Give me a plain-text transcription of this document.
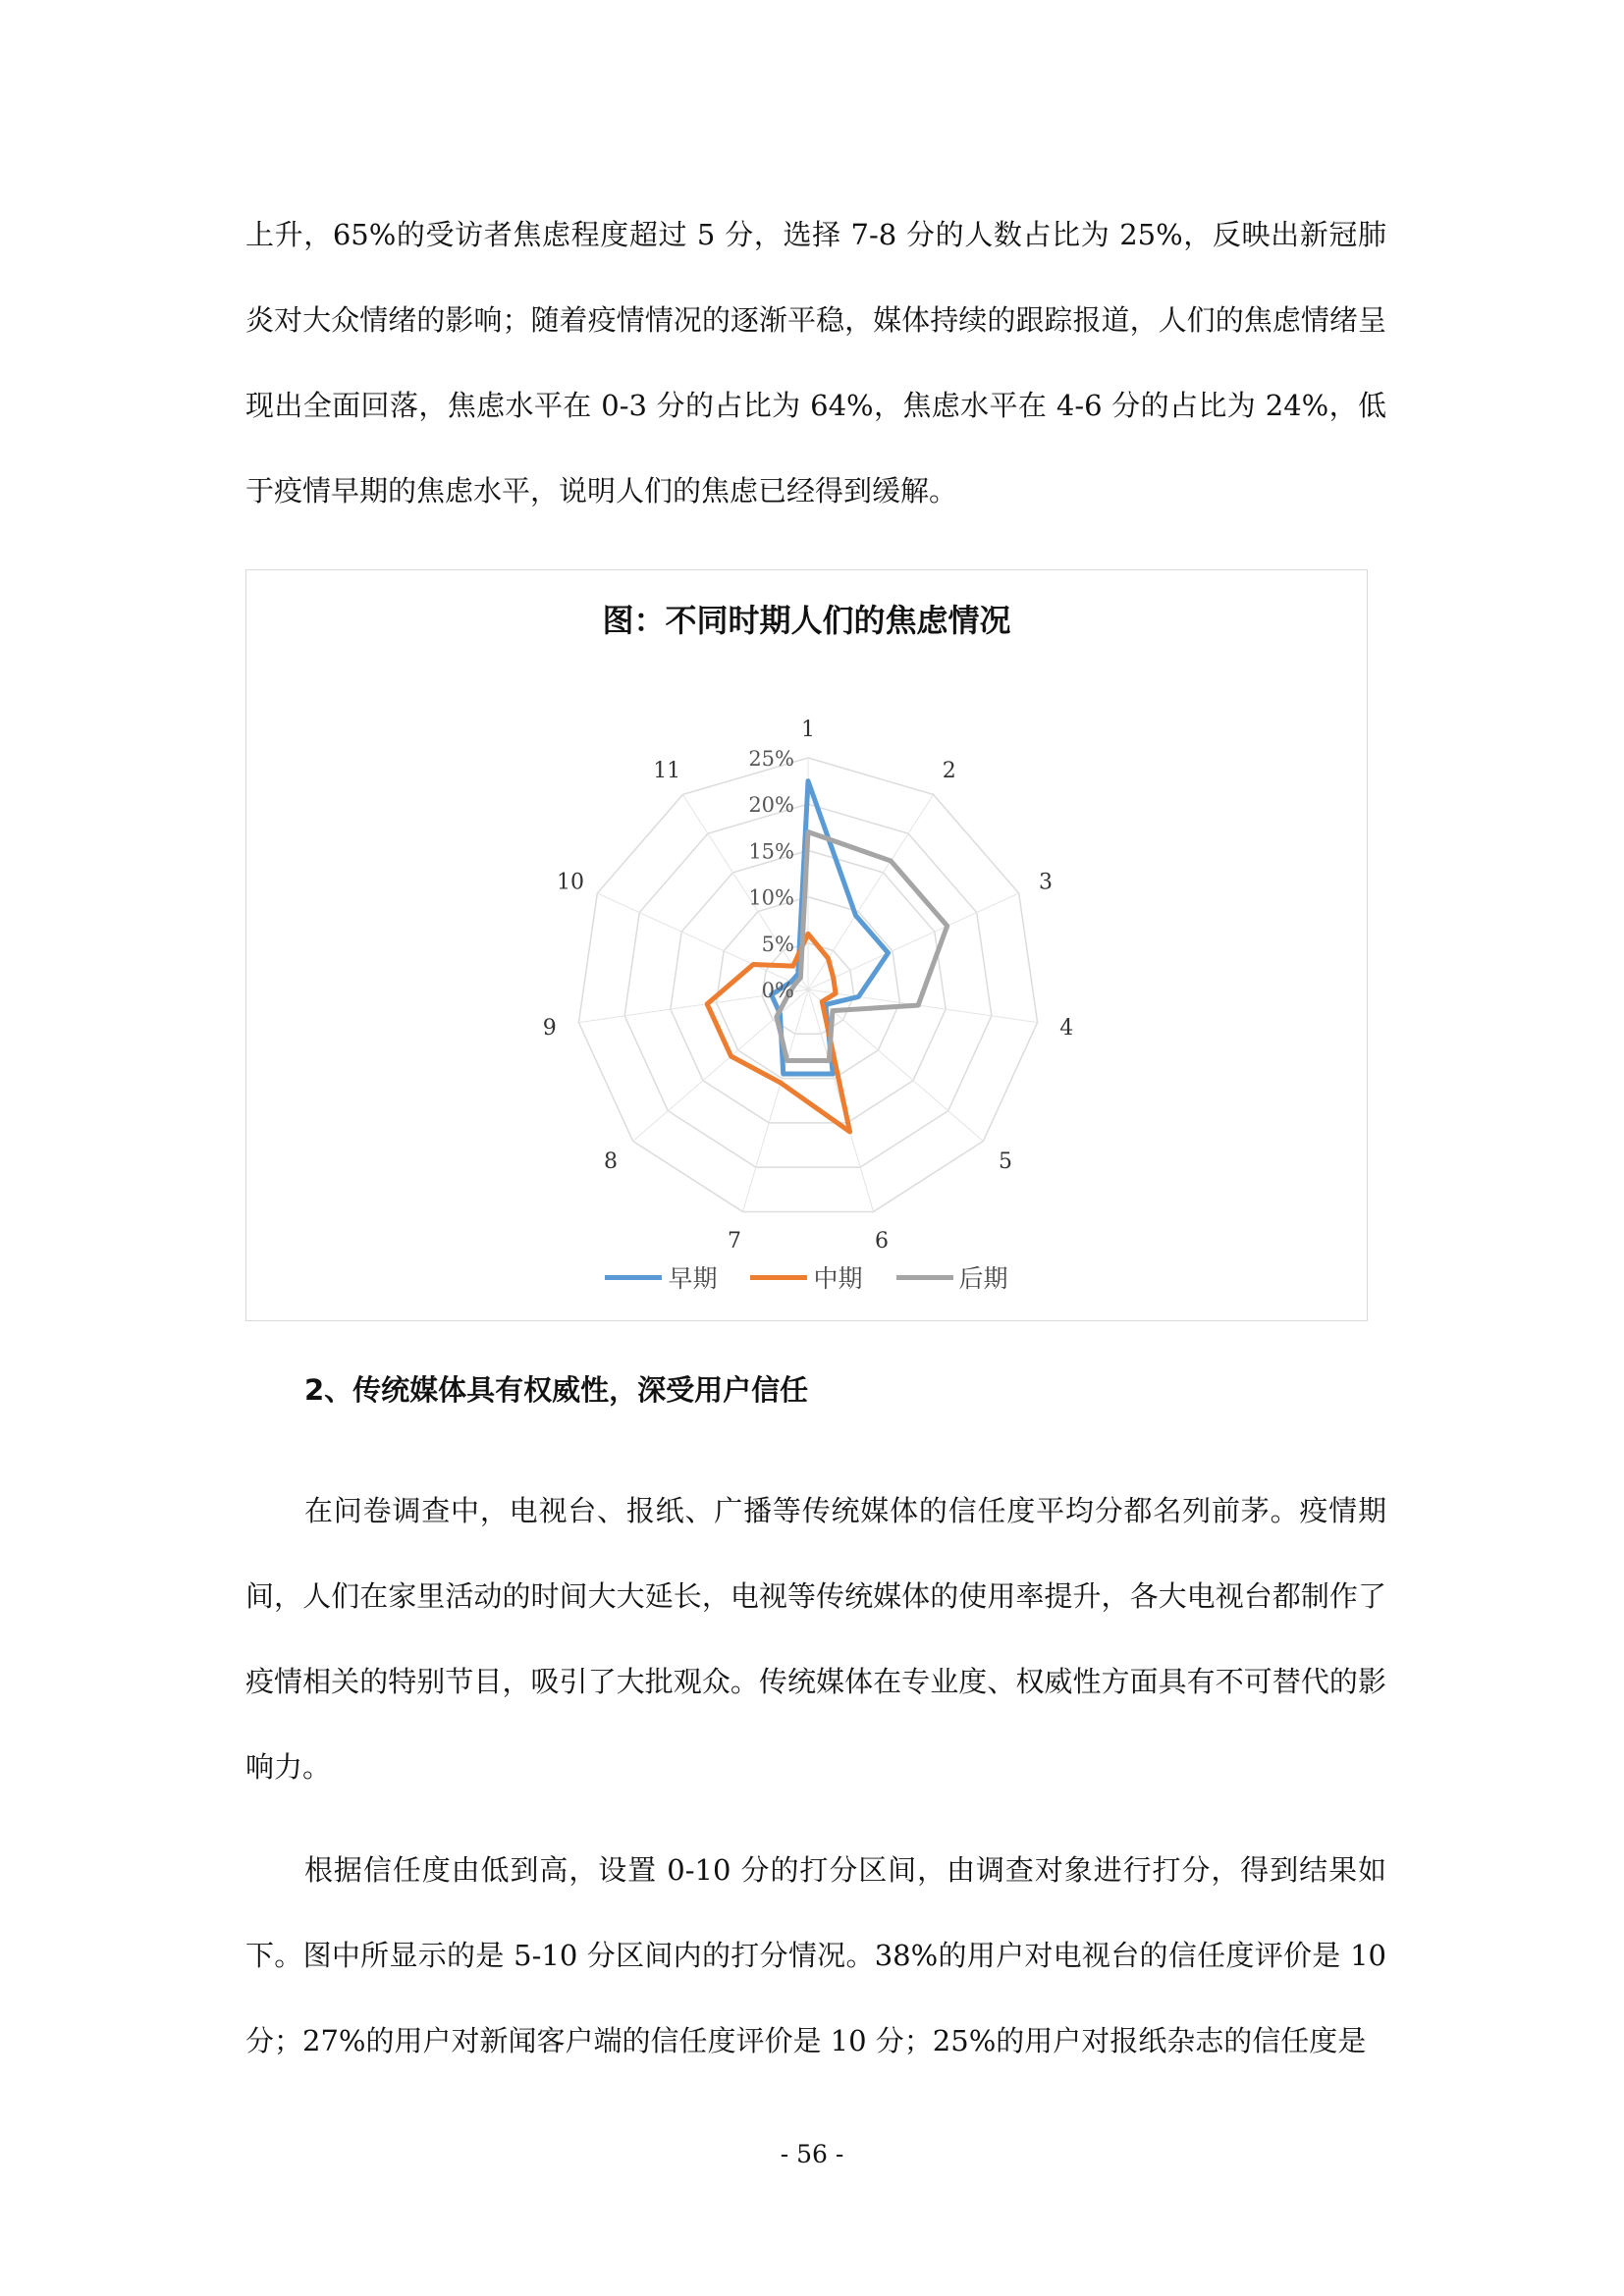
上升，65%的受访者焦虑程度超过 5 分，选择 7-8 分的人数占比为 25%，反映出新冠肺炎对大众情绪的影响；随着疫情情况的逐渐平稳，媒体持续的跟踪报道，人们的焦虑情绪呈现出全面回落，焦虑水平在 0-3 分的占比为 64%，焦虑水平在 4-6 分的占比为 24%，低于疫情早期的焦虑水平，说明人们的焦虑已经得到缓解。

图：不同时期人们的焦虑情况
1
2
3
4
5
6
7
8
9
10
11
0%
5%
10%
15%
20%
25%
早期	中期	后期

2、传统媒体具有权威性，深受用户信任

在问卷调查中，电视台、报纸、广播等传统媒体的信任度平均分都名列前茅。疫情期间，人们在家里活动的时间大大延长，电视等传统媒体的使用率提升，各大电视台都制作了疫情相关的特别节目，吸引了大批观众。传统媒体在专业度、权威性方面具有不可替代的影响力。

根据信任度由低到高，设置 0-10 分的打分区间，由调查对象进行打分，得到结果如下。图中所显示的是 5-10 分区间内的打分情况。38%的用户对电视台的信任度评价是 10 分；27%的用户对新闻客户端的信任度评价是 10 分；25%的用户对报纸杂志的信任度是

- 56 -
